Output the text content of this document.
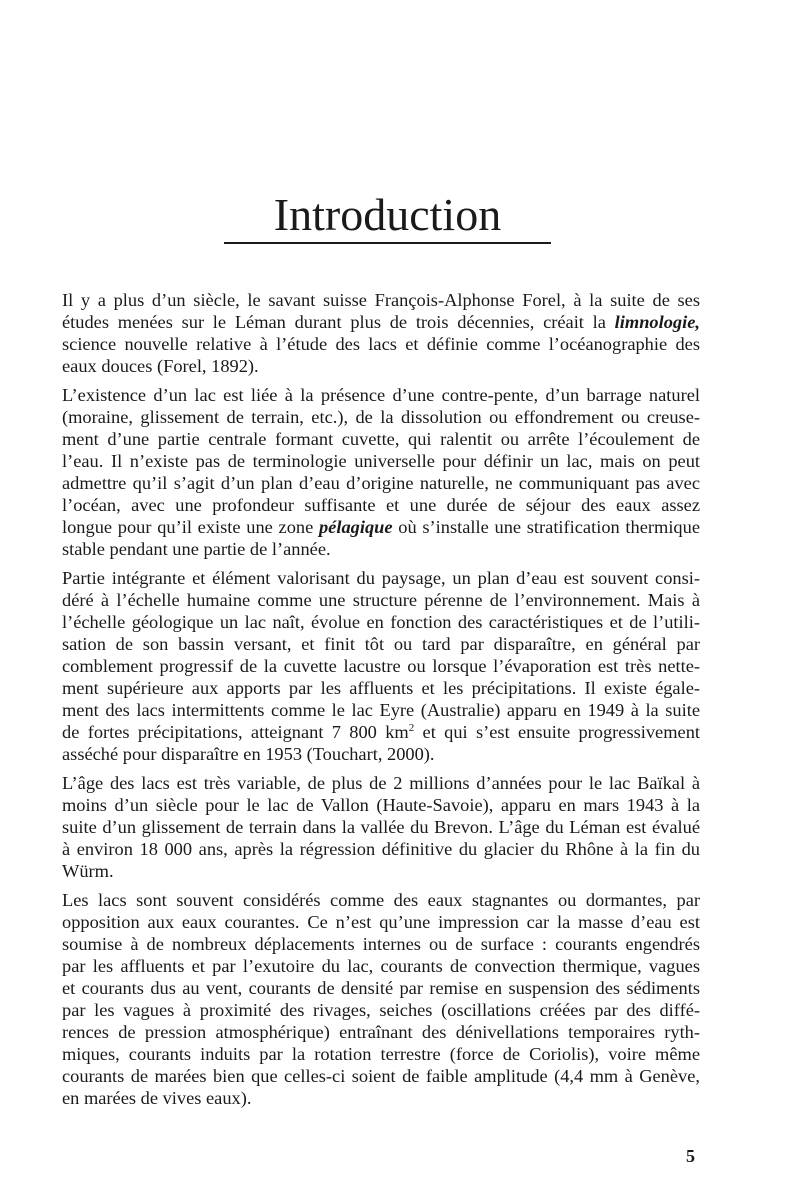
Introduction
Il y a plus d’un siècle, le savant suisse François-Alphonse Forel, à la suite de ses
études menées sur le Léman durant plus de trois décennies, créait la limnologie,
science nouvelle relative à l’étude des lacs et définie comme l’océanographie des
eaux douces (Forel, 1892).
L’existence d’un lac est liée à la présence d’une contre-pente, d’un barrage naturel
(moraine, glissement de terrain, etc.), de la dissolution ou effondrement ou creuse-
ment d’une partie centrale formant cuvette, qui ralentit ou arrête l’écoulement de
l’eau. Il n’existe pas de terminologie universelle pour définir un lac, mais on peut
admettre qu’il s’agit d’un plan d’eau d’origine naturelle, ne communiquant pas avec
l’océan, avec une profondeur suffisante et une durée de séjour des eaux assez
longue pour qu’il existe une zone pélagique où s’installe une stratification thermique
stable pendant une partie de l’année.
Partie intégrante et élément valorisant du paysage, un plan d’eau est souvent consi-
déré à l’échelle humaine comme une structure pérenne de l’environnement. Mais à
l’échelle géologique un lac naît, évolue en fonction des caractéristiques et de l’utili-
sation de son bassin versant, et finit tôt ou tard par disparaître, en général par
comblement progressif de la cuvette lacustre ou lorsque l’évaporation est très nette-
ment supérieure aux apports par les affluents et les précipitations. Il existe égale-
ment des lacs intermittents comme le lac Eyre (Australie) apparu en 1949 à la suite
de fortes précipitations, atteignant 7 800 $km^2$ et qui s’est ensuite progressivement
asséché pour disparaître en 1953 (Touchart, 2000).
L’âge des lacs est très variable, de plus de 2 millions d’années pour le lac Baïkal à
moins d’un siècle pour le lac de Vallon (Haute-Savoie), apparu en mars 1943 à la
suite d’un glissement de terrain dans la vallée du Brevon. L’âge du Léman est évalué
à environ 18 000 ans, après la régression définitive du glacier du Rhône à la fin du
Würm.
Les lacs sont souvent considérés comme des eaux stagnantes ou dormantes, par
opposition aux eaux courantes. Ce n’est qu’une impression car la masse d’eau est
soumise à de nombreux déplacements internes ou de surface : courants engendrés
par les affluents et par l’exutoire du lac, courants de convection thermique, vagues
et courants dus au vent, courants de densité par remise en suspension des sédiments
par les vagues à proximité des rivages, seiches (oscillations créées par des diffé-
rences de pression atmosphérique) entraînant des dénivellations temporaires ryth-
miques, courants induits par la rotation terrestre (force de Coriolis), voire même
courants de marées bien que celles-ci soient de faible amplitude (4,4 mm à Genève,
en marées de vives eaux).
5
